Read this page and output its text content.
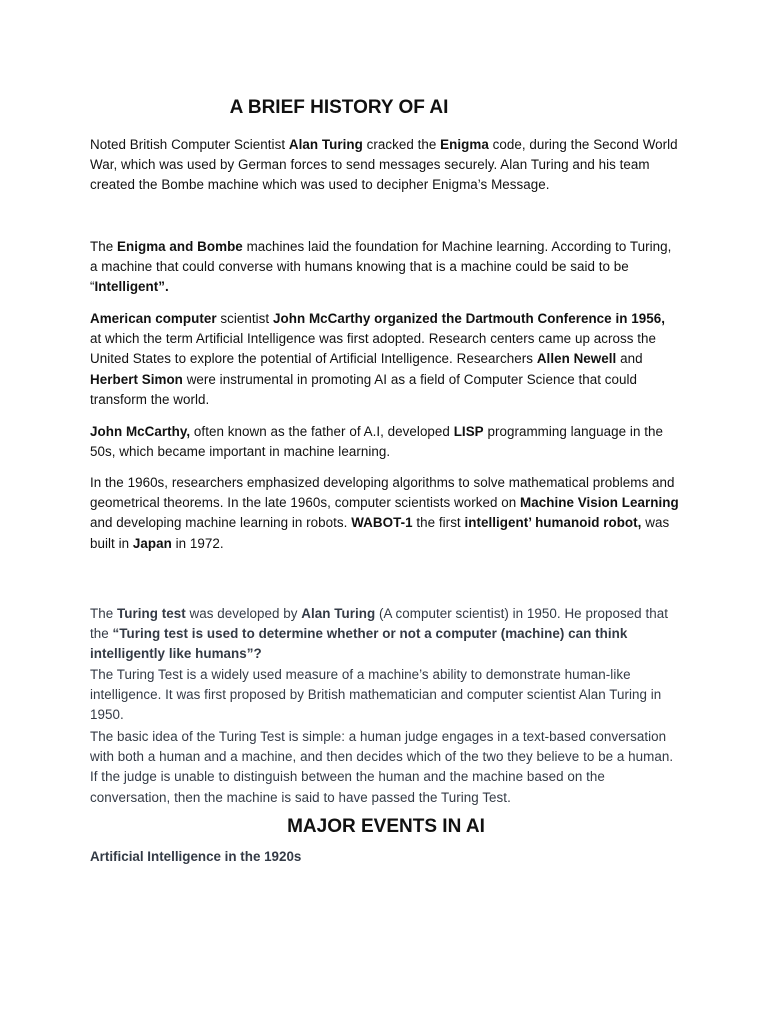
A BRIEF HISTORY OF AI

Noted British Computer Scientist Alan Turing cracked the Enigma code, during the Second World War, which was used by German forces to send messages securely. Alan Turing and his team created the Bombe machine which was used to decipher Enigma’s Message.

The Enigma and Bombe machines laid the foundation for Machine learning. According to Turing, a machine that could converse with humans knowing that is a machine could be said to be “Intelligent”.

American computer scientist John McCarthy organized the Dartmouth Conference in 1956, at which the term Artificial Intelligence was first adopted. Research centers came up across the United States to explore the potential of Artificial Intelligence. Researchers Allen Newell and Herbert Simon were instrumental in promoting AI as a field of Computer Science that could transform the world.

John McCarthy, often known as the father of A.I, developed LISP programming language in the 50s, which became important in machine learning.

In the 1960s, researchers emphasized developing algorithms to solve mathematical problems and geometrical theorems. In the late 1960s, computer scientists worked on Machine Vision Learning and developing machine learning in robots. WABOT-1 the first intelligent’ humanoid robot, was built in Japan in 1972.

The Turing test was developed by Alan Turing (A computer scientist) in 1950. He proposed that the “Turing test is used to determine whether or not a computer (machine) can think intelligently like humans”?
The Turing Test is a widely used measure of a machine’s ability to demonstrate human-like intelligence. It was first proposed by British mathematician and computer scientist Alan Turing in 1950.

The basic idea of the Turing Test is simple: a human judge engages in a text-based conversation with both a human and a machine, and then decides which of the two they believe to be a human. If the judge is unable to distinguish between the human and the machine based on the conversation, then the machine is said to have passed the Turing Test.

MAJOR EVENTS IN AI

Artificial Intelligence in the 1920s
